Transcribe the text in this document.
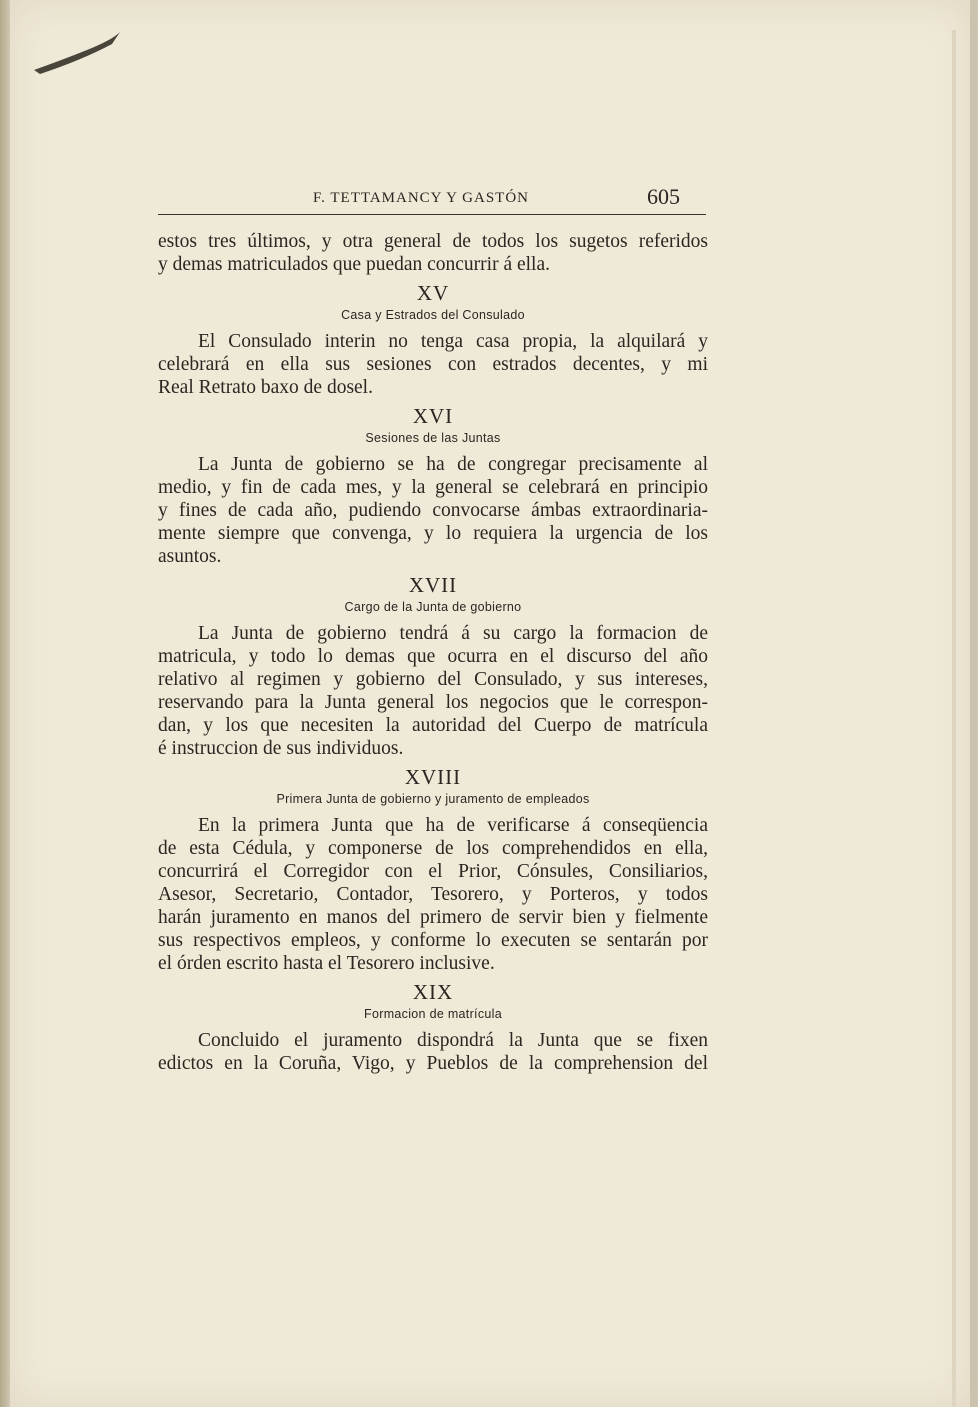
F. TETTAMANCY Y GASTÓN	605
estos tres últimos, y otra general de todos los sugetos referidos
y demas matriculados que puedan concurrir á ella.
XV
Casa y Estrados del Consulado
El Consulado interin no tenga casa propia, la alquilará y
celebrará en ella sus sesiones con estrados decentes, y mi
Real Retrato baxo de dosel.
XVI
Sesiones de las Juntas
La Junta de gobierno se ha de congregar precisamente al
medio, y fin de cada mes, y la general se celebrará en principio
y fines de cada año, pudiendo convocarse ámbas extraordinaria-
mente siempre que convenga, y lo requiera la urgencia de los
asuntos.
XVII
Cargo de la Junta de gobierno
La Junta de gobierno tendrá á su cargo la formacion de
matricula, y todo lo demas que ocurra en el discurso del año
relativo al regimen y gobierno del Consulado, y sus intereses,
reservando para la Junta general los negocios que le correspon-
dan, y los que necesiten la autoridad del Cuerpo de matrícula
é instruccion de sus individuos.
XVIII
Primera Junta de gobierno y juramento de empleados
En la primera Junta que ha de verificarse á conseqüencia
de esta Cédula, y componerse de los comprehendidos en ella,
concurrirá el Corregidor con el Prior, Cónsules, Consiliarios,
Asesor, Secretario, Contador, Tesorero, y Porteros, y todos
harán juramento en manos del primero de servir bien y fielmente
sus respectivos empleos, y conforme lo executen se sentarán por
el órden escrito hasta el Tesorero inclusive.
XIX
Formacion de matrícula
Concluido el juramento dispondrá la Junta que se fixen
edictos en la Coruña, Vigo, y Pueblos de la comprehension del
